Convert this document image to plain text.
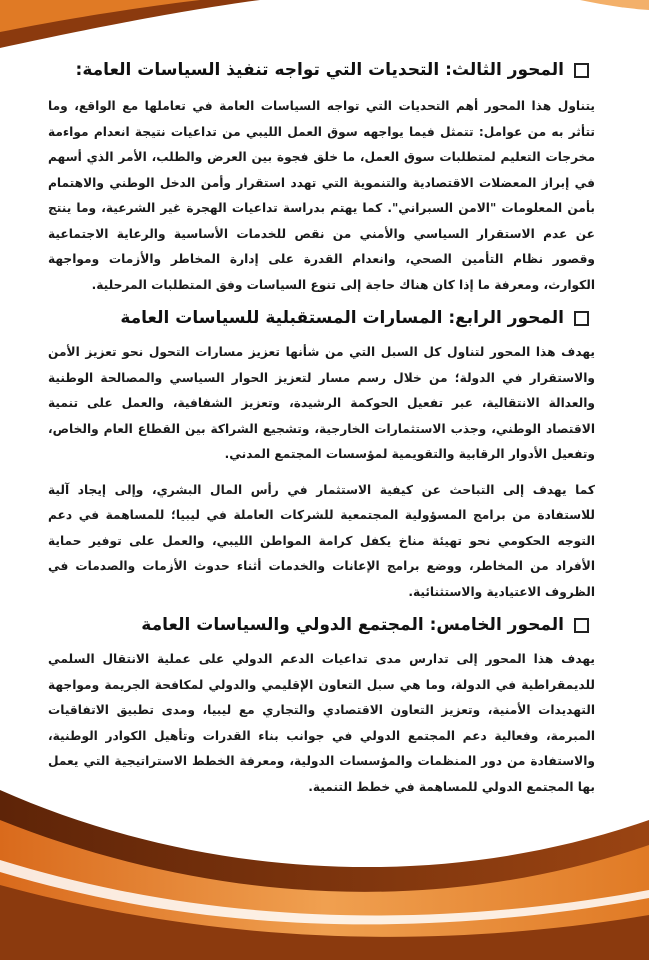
المحور الثالث: التحديات التي تواجه تنفيذ السياسات العامة:

يتناول هذا المحور أهم التحديات التي تواجه السياسات العامة في تعاملها مع الواقع، وما تتأثر به من عوامل: تتمثل فيما يواجهه سوق العمل الليبي من تداعيات نتيجة انعدام مواءمة مخرجات التعليم لمتطلبات سوق العمل، ما خلق فجوة بين العرض والطلب، الأمر الذي أسهم في إبراز المعضلات الاقتصادية والتنموية التي تهدد استقرار وأمن الدخل الوطني والاهتمام بأمن المعلومات "الامن السبراني". كما يهتم بدراسة تداعيات الهجرة غير الشرعية، وما ينتج عن عدم الاستقرار السياسي والأمني من نقص للخدمات الأساسية والرعاية الاجتماعية وقصور نظام التأمين الصحي، وانعدام القدرة على إدارة المخاطر والأزمات ومواجهة الكوارث، ومعرفة ما إذا كان هناك حاجة إلى تنوع السياسات وفق المتطلبات المرحلية.

المحور الرابع: المسارات المستقبلية للسياسات العامة

يهدف هذا المحور لتناول كل السبل التي من شأنها تعزيز مسارات التحول نحو تعزيز الأمن والاستقرار في الدولة؛ من خلال رسم مسار لتعزيز الحوار السياسي والمصالحة الوطنية والعدالة الانتقالية، عبر تفعيل الحوكمة الرشيدة، وتعزيز الشفافية، والعمل على تنمية الاقتصاد الوطني، وجذب الاستثمارات الخارجية، وتشجيع الشراكة بين القطاع العام والخاص، وتفعيل الأدوار الرقابية والتقويمية لمؤسسات المجتمع المدني.

كما يهدف إلى التباحث عن كيفية الاستثمار في رأس المال البشري، وإلى إيجاد آلية للاستفادة من برامج المسؤولية المجتمعية للشركات العاملة في ليبيا؛ للمساهمة في دعم التوجه الحكومي نحو تهيئة مناخ يكفل كرامة المواطن الليبي، والعمل على توفير حماية الأفراد من المخاطر، ووضع برامج الإعانات والخدمات أثناء حدوث الأزمات والصدمات في الظروف الاعتيادية والاستثنائية.

المحور الخامس: المجتمع الدولي والسياسات العامة

يهدف هذا المحور إلى تدارس مدى تداعيات الدعم الدولي على عملية الانتقال السلمي للديمقراطية في الدولة، وما هي سبل التعاون الإقليمي والدولي لمكافحة الجريمة ومواجهة التهديدات الأمنية، وتعزيز التعاون الاقتصادي والتجاري مع ليبيا، ومدى تطبيق الاتفاقيات المبرمة، وفعالية دعم المجتمع الدولي في جوانب بناء القدرات وتأهيل الكوادر الوطنية، والاستفادة من دور المنظمات والمؤسسات الدولية، ومعرفة الخطط الاستراتيجية التي يعمل بها المجتمع الدولي للمساهمة في خطط التنمية.
